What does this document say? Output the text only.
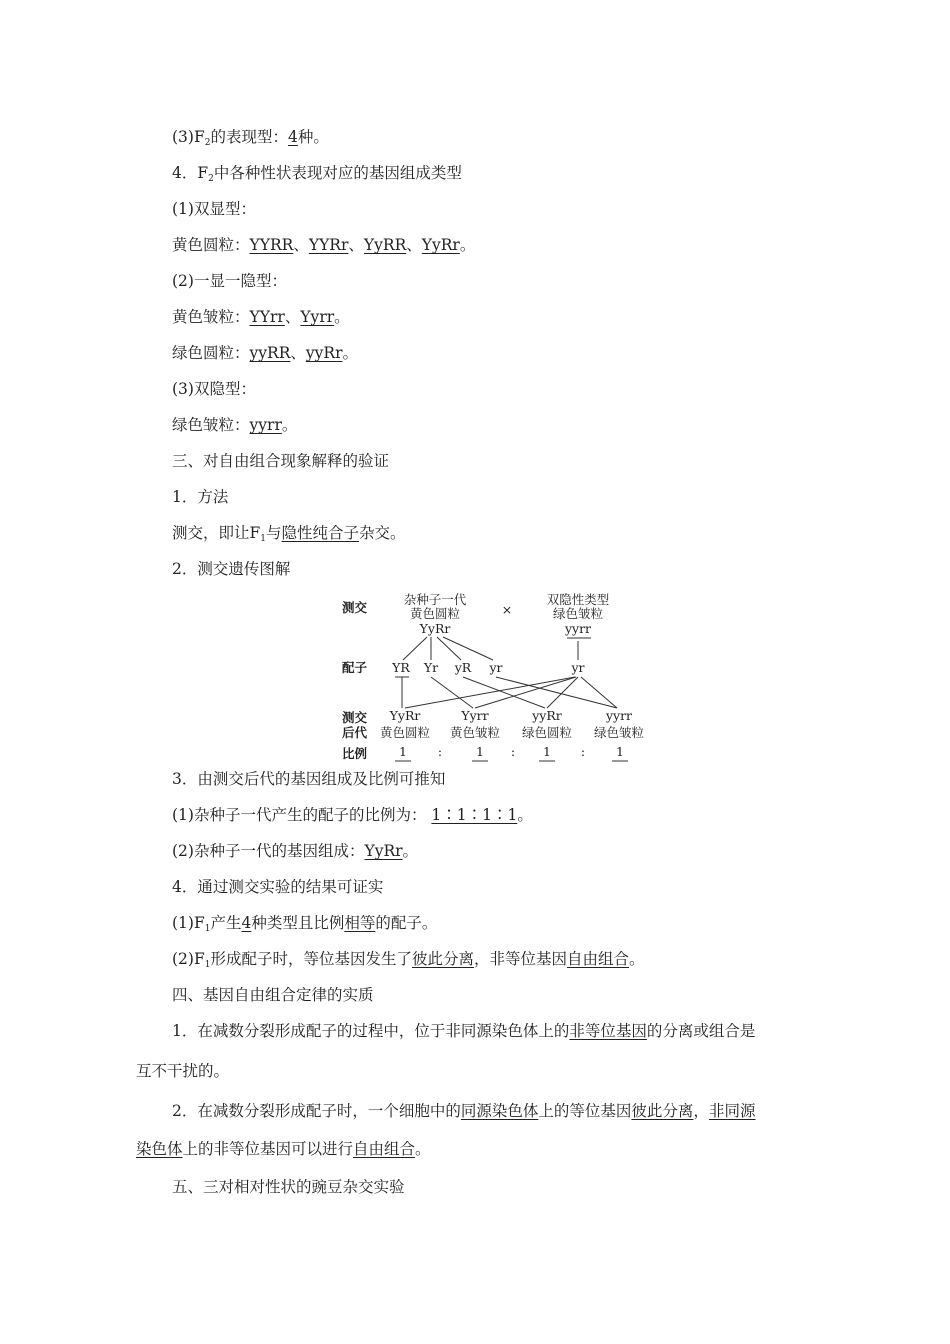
$(3)F_2$的表现型：4种。
4．$F_2$中各种性状表现对应的基因组成类型
(1)双显型：
黄色圆粒：YYRR、YYRr、YyRR、YyRr。
(2)一显一隐型：
黄色皱粒：YYrr、Yyrr。
绿色圆粒：yyRR、yyRr。
(3)双隐型：
绿色皱粒：yyrr。
三、对自由组合现象解释的验证
1．方法
测交，即让$F_1$与隐性纯合子杂交。
2．测交遗传图解
测交
杂种子一代
黄色圆粒
YyRr
×
双隐性类型
绿色皱粒
yyrr
配子 YR Yr yR yr	yr
测交
后代
YyRr	Yyrr	yyRr	yyrr
黄色圆粒 黄色皱粒 绿色圆粒 绿色皱粒
比例	1 :	1 : 1 : 1
3．由测交后代的基因组成及比例可推知
(1)杂种子一代产生的配子的比例为： 1∶1∶1∶1。
(2)杂种子一代的基因组成：YyRr。
4．通过测交实验的结果可证实
$(1)F_1$产生4种类型且比例相等的配子。
$(2)F_1$形成配子时，等位基因发生了彼此分离，非等位基因自由组合。
四、基因自由组合定律的实质
1．在减数分裂形成配子的过程中，位于非同源染色体上的非等位基因的分离或组合是
互不干扰的。
2．在减数分裂形成配子时，一个细胞中的同源染色体上的等位基因彼此分离，非同源
染色体上的非等位基因可以进行自由组合。
五、三对相对性状的豌豆杂交实验
